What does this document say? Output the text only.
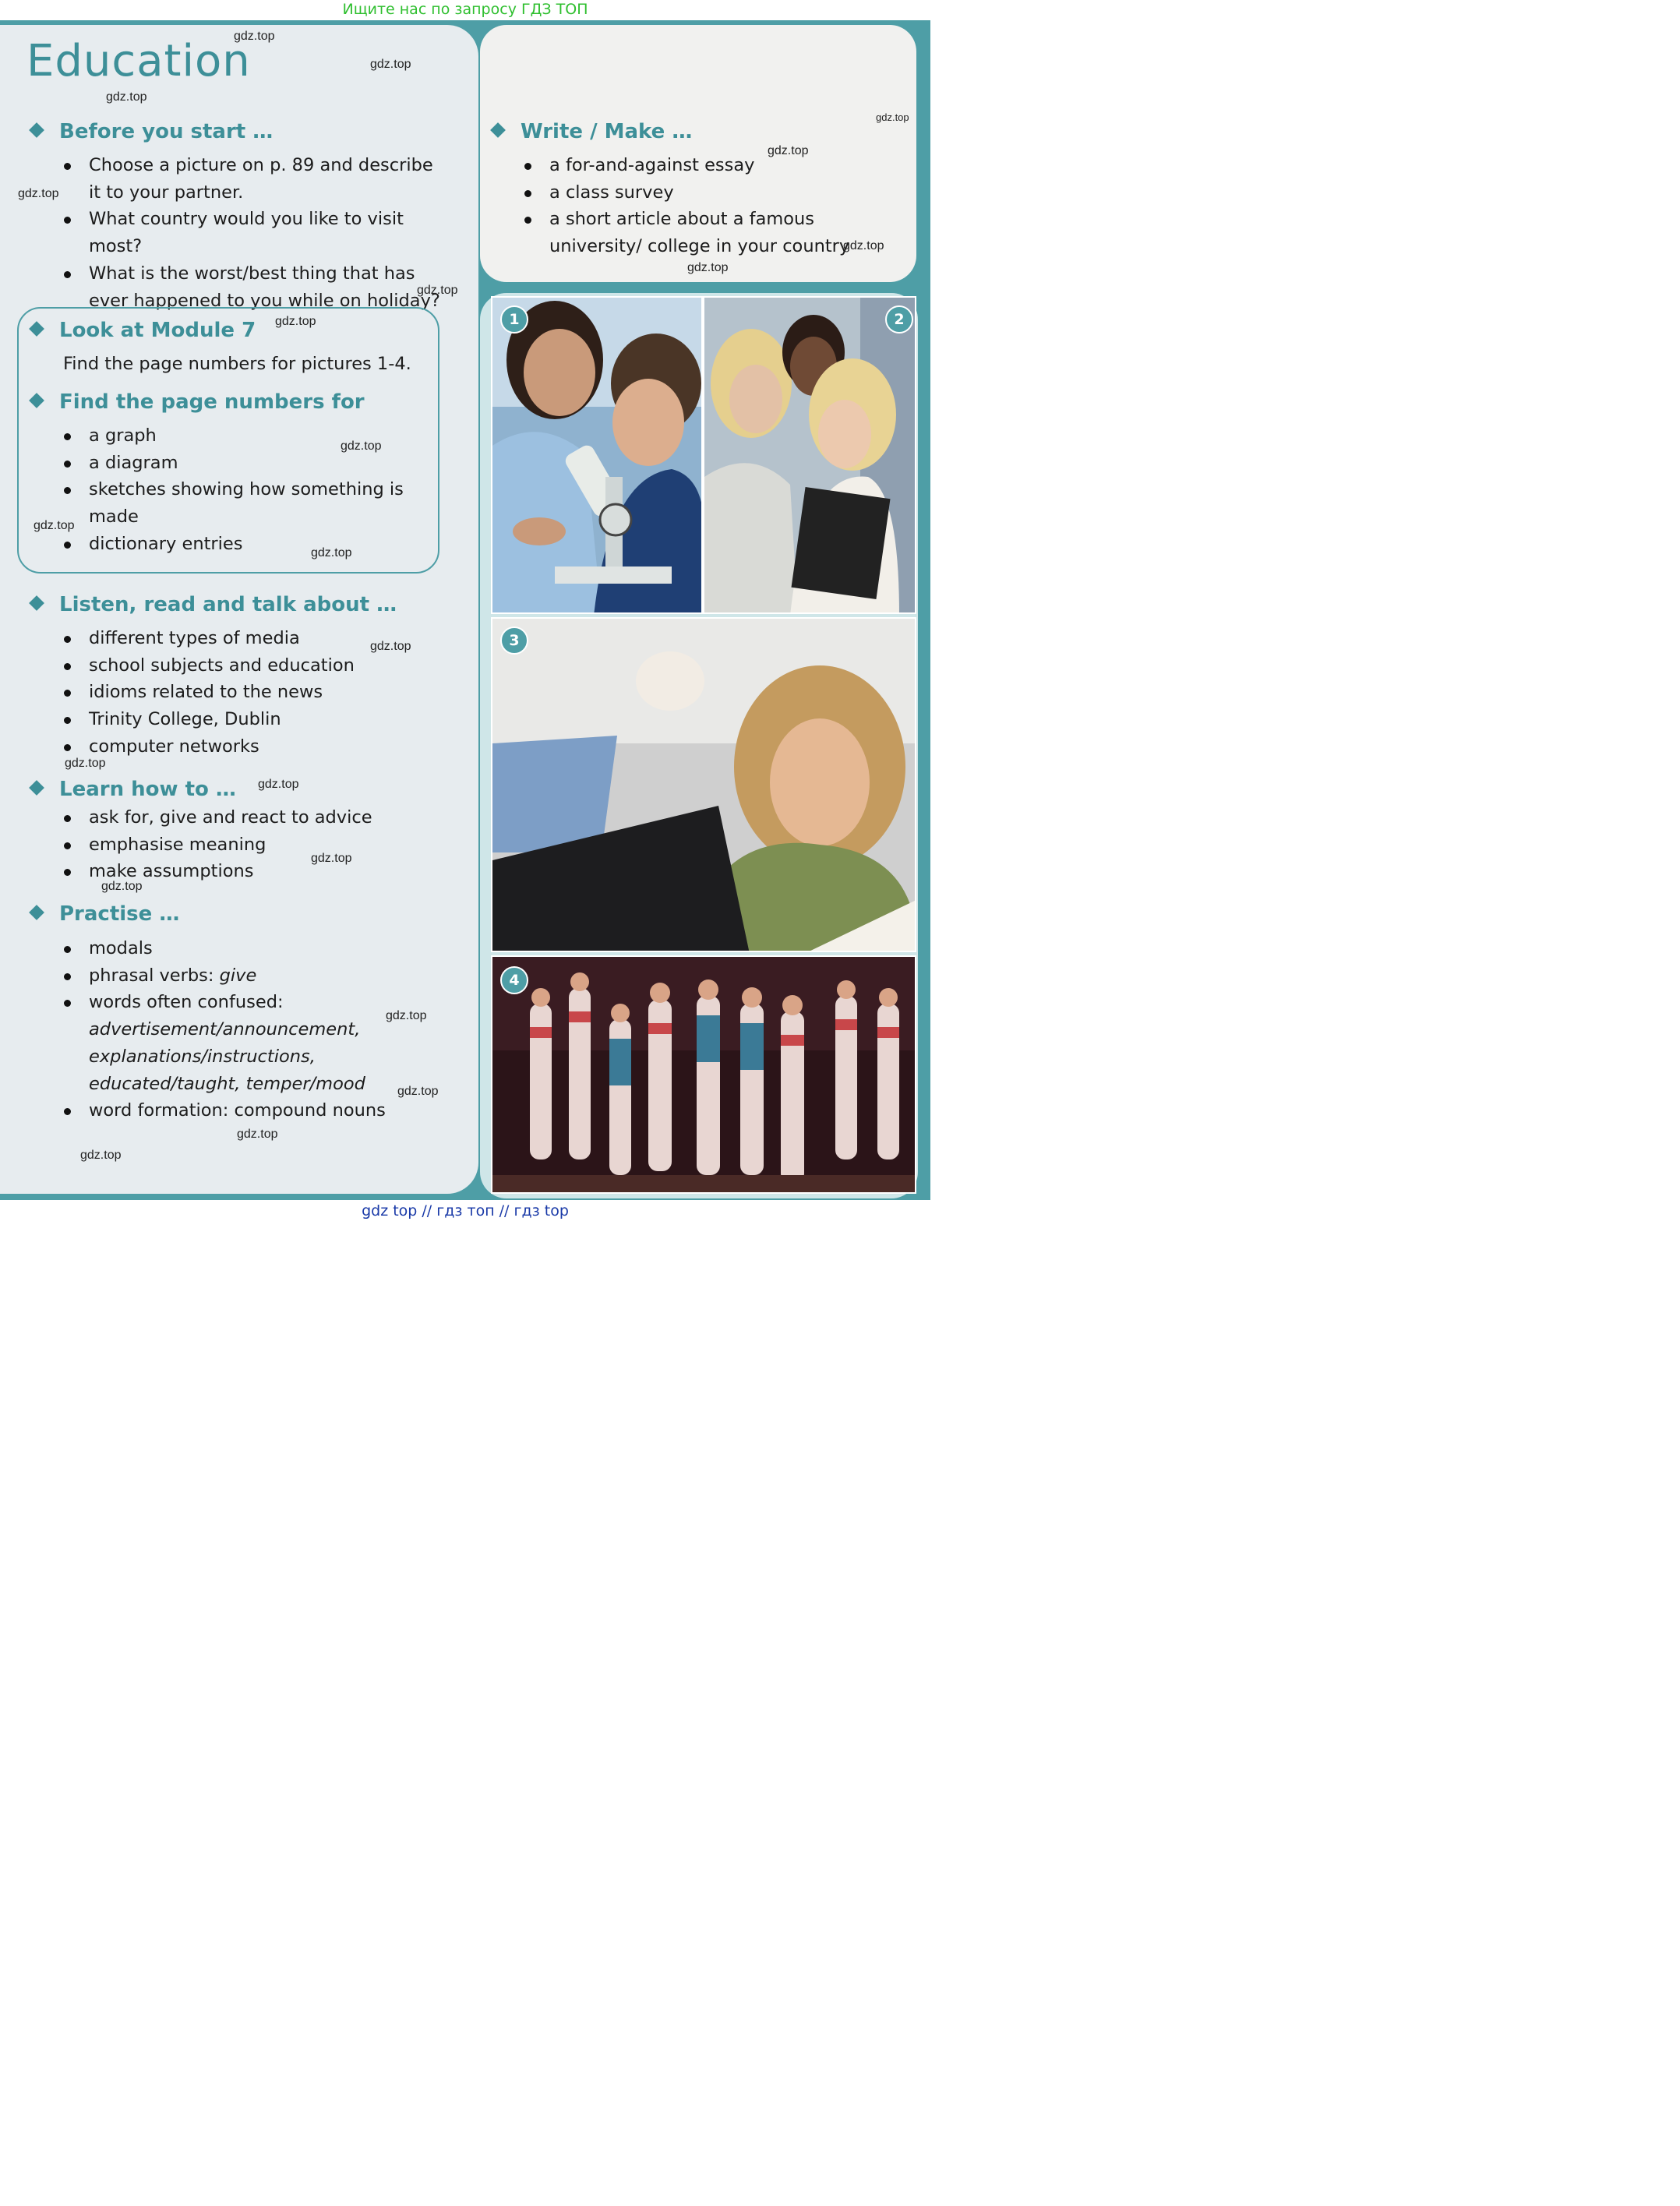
Ищите нас по запросу ГДЗ ТОП
Education
Before you start …
Choose a picture on p. 89 and describe it to your partner.
What country would you like to visit most?
What is the worst/best thing that has ever happened to you while on holiday?
Look at Module 7

Find the page numbers for pictures 1-4.

Find the page numbers for
a graph
a diagram
sketches showing how something is made
dictionary entries
Listen, read and talk about …
different types of media
school subjects and education
idioms related to the news
Trinity College, Dublin
computer networks
Learn how to …
ask for, give and react to advice
emphasise meaning
make assumptions
Practise …
modals
phrasal verbs: give
words often confused:
advertisement/announcement,
explanations/instructions,
educated/taught, temper/mood
word formation: compound nouns
Write / Make …
a for-and-against essay
a class survey
a short article about a famous university/ college in your country
1	2
3
4
gdz.top
gdz.top
gdz.top
gdz.top
gdz.top
gdz.top
gdz.top
gdz.top
gdz.top
gdz.top
gdz.top
gdz.top
gdz.top
gdz.top
gdz.top
gdz.top
gdz.top
gdz.top
gdz.top
gdz.top
gdz.top
gdz.top
gdz top // гдз топ // гдз top
